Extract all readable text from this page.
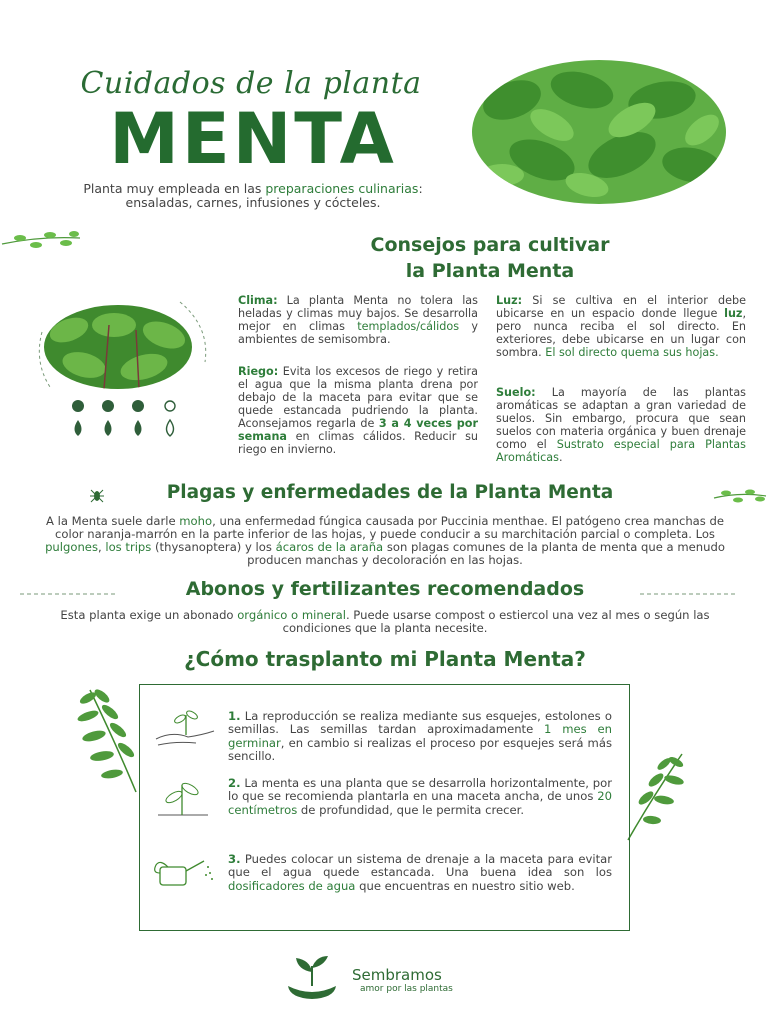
Cuidados de la planta
MENTA
Planta muy empleada en las preparaciones culinarias: ensaladas, carnes, infusiones y cócteles.
Consejos para cultivar
la Planta Menta
Clima: La planta Menta no tolera las heladas y climas muy bajos. Se desarrolla mejor en climas templados/cálidos y ambientes de semisombra.
Riego: Evita los excesos de riego y retira el agua que la misma planta drena por debajo de la maceta para evitar que se quede estancada pudriendo la planta. Aconsejamos regarla de 3 a 4 veces por semana en climas cálidos. Reducir su riego en invierno.
Luz: Si se cultiva en el interior debe ubicarse en un espacio donde llegue luz, pero nunca reciba el sol directo. En exteriores, debe ubicarse en un lugar con sombra. El sol directo quema sus hojas.
Suelo: La mayoría de las plantas aromáticas se adaptan a gran variedad de suelos. Sin embargo, procura que sean suelos con materia orgánica y buen drenaje como el Sustrato especial para Plantas Aromáticas.
Plagas y enfermedades de la Planta Menta
A la Menta suele darle moho, una enfermedad fúngica causada por Puccinia menthae. El patógeno crea manchas de color naranja-marrón en la parte inferior de las hojas, y puede conducir a su marchitación parcial o completa. Los pulgones, los trips (thysanoptera) y los ácaros de la araña son plagas comunes de la planta de menta que a menudo producen manchas y decoloración en las hojas.
Abonos y fertilizantes recomendados
Esta planta exige un abonado orgánico o mineral. Puede usarse compost o estiercol una vez al mes o según las condiciones que la planta necesite.
¿Cómo trasplanto mi Planta Menta?
1. La reproducción se realiza mediante sus esquejes, estolones o semillas. Las semillas tardan aproximadamente 1 mes en germinar, en cambio si realizas el proceso por esquejes será más sencillo.
2. La menta es una planta que se desarrolla horizontalmente, por lo que se recomienda plantarla en una maceta ancha, de unos 20 centímetros de profundidad, que le permita crecer.
3. Puedes colocar un sistema de drenaje a la maceta para evitar que el agua quede estancada. Una buena idea son los dosificadores de agua que encuentras en nuestro sitio web.
Sembramos
amor por las plantas
